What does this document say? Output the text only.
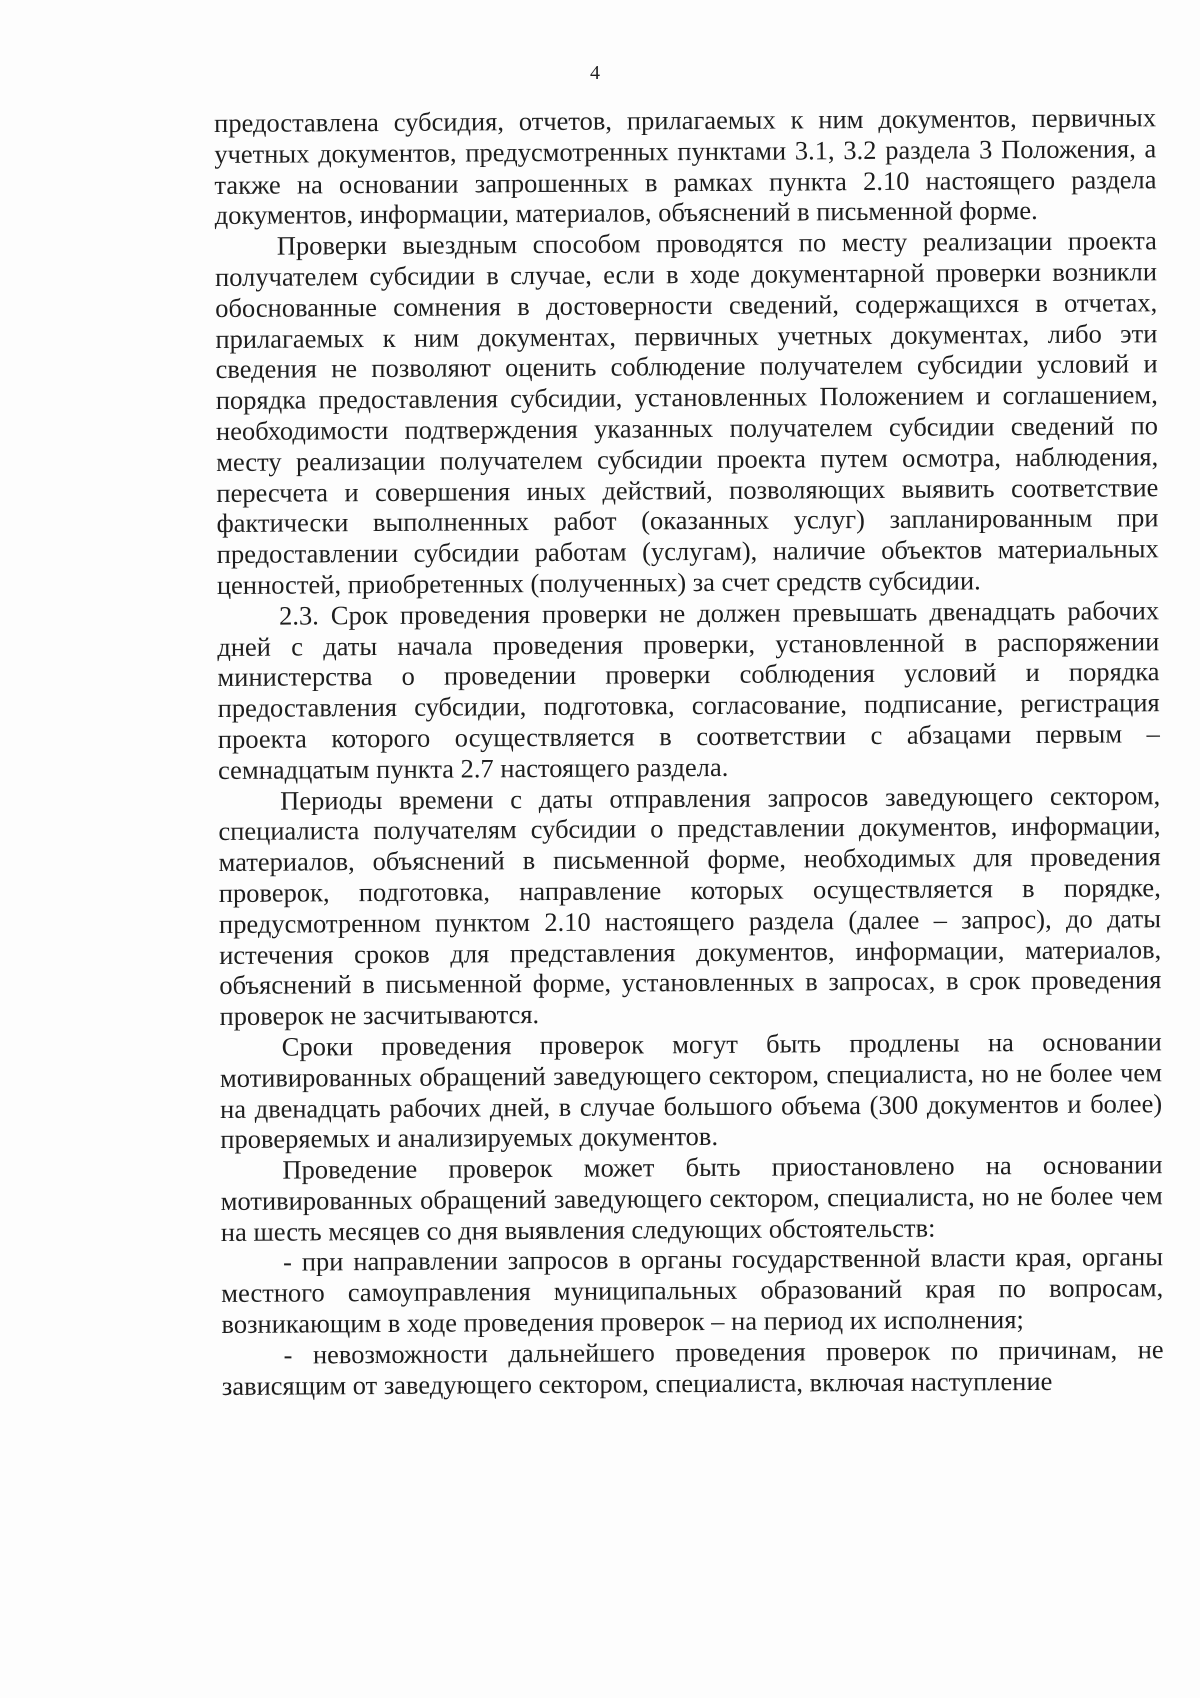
4

предоставлена субсидия, отчетов, прилагаемых к ним документов, первичных учетных документов, предусмотренных пунктами 3.1, 3.2 раздела 3 Положения, а также на основании запрошенных в рамках пункта 2.10 настоящего раздела документов, информации, материалов, объяснений в письменной форме.

Проверки выездным способом проводятся по месту реализации проекта получателем субсидии в случае, если в ходе документарной проверки возникли обоснованные сомнения в достоверности сведений, содержащихся в отчетах, прилагаемых к ним документах, первичных учетных документах, либо эти сведения не позволяют оценить соблюдение получателем субсидии условий и порядка предоставления субсидии, установленных Положением и соглашением, необходимости подтверждения указанных получателем субсидии сведений по месту реализации получателем субсидии проекта путем осмотра, наблюдения, пересчета и совершения иных действий, позволяющих выявить соответствие фактически выполненных работ (оказанных услуг) запланированным при предоставлении субсидии работам (услугам), наличие объектов материальных ценностей, приобретенных (полученных) за счет средств субсидии.

2.3. Срок проведения проверки не должен превышать двенадцать рабочих дней с даты начала проведения проверки, установленной в распоряжении министерства о проведении проверки соблюдения условий и порядка предоставления субсидии, подготовка, согласование, подписание, регистрация проекта которого осуществляется в соответствии с абзацами первым – семнадцатым пункта 2.7 настоящего раздела.

Периоды времени с даты отправления запросов заведующего сектором, специалиста получателям субсидии о представлении документов, информации, материалов, объяснений в письменной форме, необходимых для проведения проверок, подготовка, направление которых осуществляется в порядке, предусмотренном пунктом 2.10 настоящего раздела (далее – запрос), до даты истечения сроков для представления документов, информации, материалов, объяснений в письменной форме, установленных в запросах, в срок проведения проверок не засчитываются.

Сроки проведения проверок могут быть продлены на основании мотивированных обращений заведующего сектором, специалиста, но не более чем на двенадцать рабочих дней, в случае большого объема (300 документов и более) проверяемых и анализируемых документов.

Проведение проверок может быть приостановлено на основании мотивированных обращений заведующего сектором, специалиста, но не более чем на шесть месяцев со дня выявления следующих обстоятельств:

- при направлении запросов в органы государственной власти края, органы местного самоуправления муниципальных образований края по вопросам, возникающим в ходе проведения проверок – на период их исполнения;

- невозможности дальнейшего проведения проверок по причинам, не зависящим от заведующего сектором, специалиста, включая наступление
